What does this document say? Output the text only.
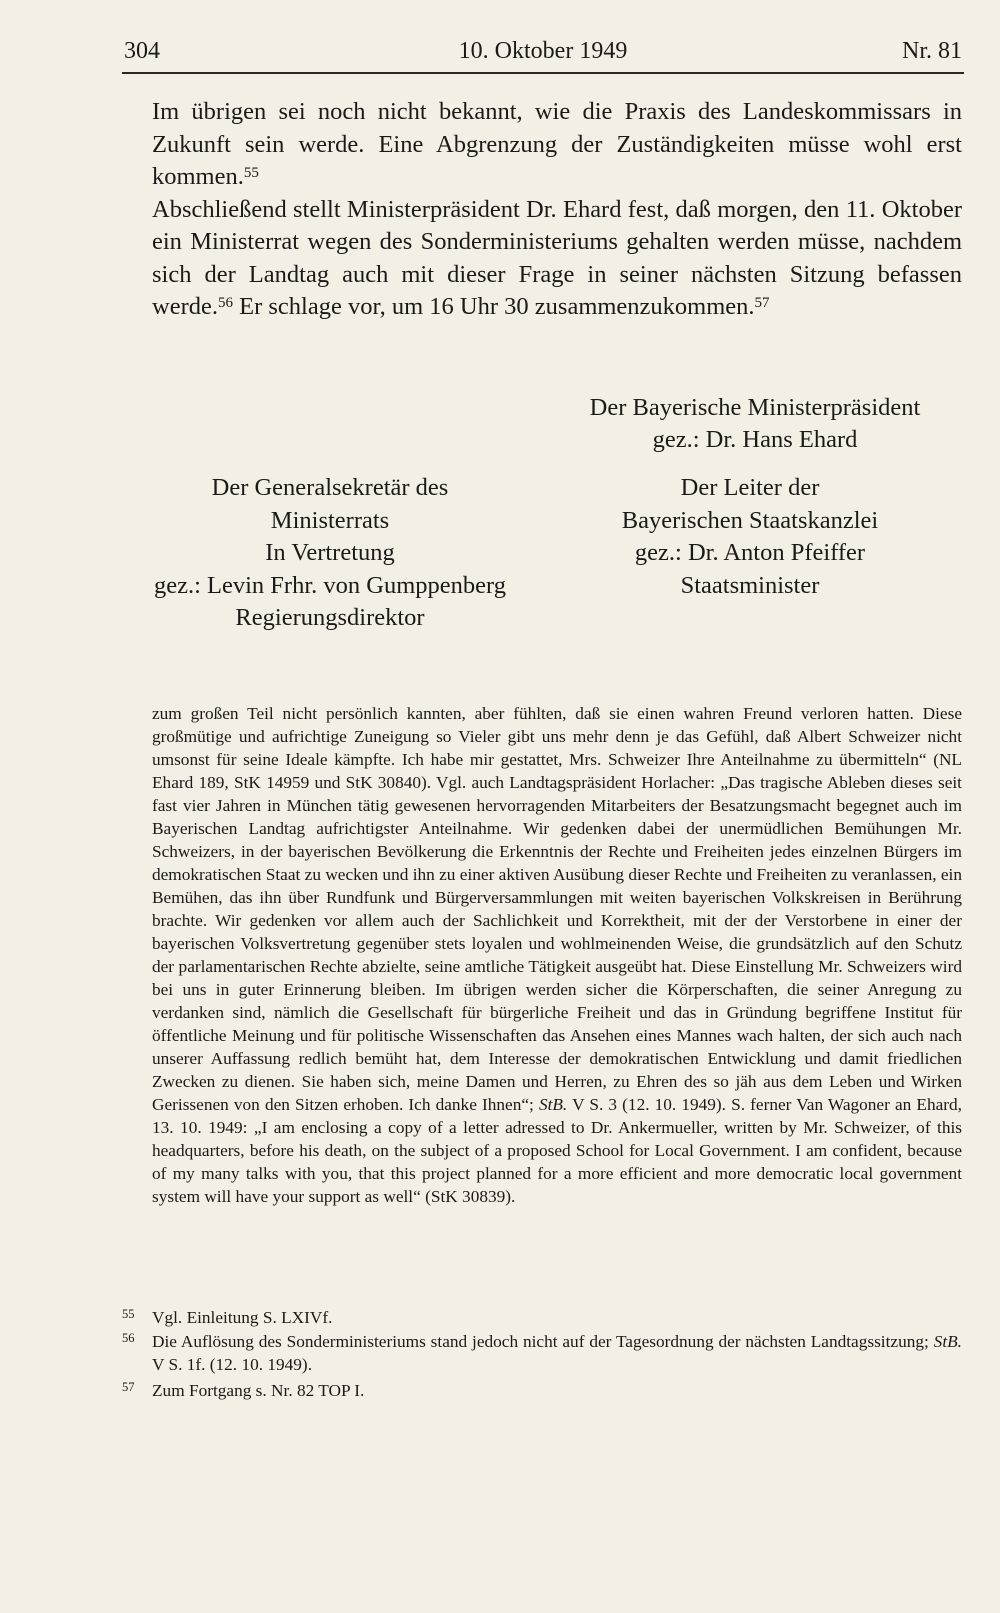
304	10. Oktober 1949	Nr. 81

Im übrigen sei noch nicht bekannt, wie die Praxis des Landeskommissars in Zukunft sein werde. Eine Abgrenzung der Zuständigkeiten müsse wohl erst kommen.$^{55}$

Abschließend stellt Ministerpräsident Dr. Ehard fest, daß morgen, den 11. Oktober ein Ministerrat wegen des Sonderministeriums gehalten werden müsse, nachdem sich der Landtag auch mit dieser Frage in seiner nächsten Sitzung befassen werde.$^{56}$ Er schlage vor, um 16 Uhr 30 zusammenzukommen.$^{57}$

Der Bayerische Ministerpräsident
gez.: Dr. Hans Ehard
Der Generalsekretär des
Ministerrats
In Vertretung
gez.: Levin Frhr. von Gumppenberg
Regierungsdirektor
Der Leiter der
Bayerischen Staatskanzlei
gez.: Dr. Anton Pfeiffer
Staatsminister

zum großen Teil nicht persönlich kannten, aber fühlten, daß sie einen wahren Freund verloren hatten. Diese großmütige und aufrichtige Zuneigung so Vieler gibt uns mehr denn je das Gefühl, daß Albert Schweizer nicht umsonst für seine Ideale kämpfte. Ich habe mir gestattet, Mrs. Schweizer Ihre Anteilnahme zu übermitteln“ (NL Ehard 189, StK 14959 und StK 30840). Vgl. auch Landtagspräsident Horlacher: „Das tragische Ableben dieses seit fast vier Jahren in München tätig gewesenen hervorragenden Mitarbeiters der Besatzungsmacht begegnet auch im Bayerischen Landtag aufrichtigster Anteilnahme. Wir gedenken dabei der unermüdlichen Bemühungen Mr. Schweizers, in der bayerischen Bevölkerung die Erkenntnis der Rechte und Freiheiten jedes einzelnen Bürgers im demokratischen Staat zu wecken und ihn zu einer aktiven Ausübung dieser Rechte und Freiheiten zu veranlassen, ein Bemühen, das ihn über Rundfunk und Bürgerversammlungen mit weiten bayerischen Volkskreisen in Berührung brachte. Wir gedenken vor allem auch der Sachlichkeit und Korrektheit, mit der der Verstorbene in einer der bayerischen Volksvertretung gegenüber stets loyalen und wohlmeinenden Weise, die grundsätzlich auf den Schutz der parlamentarischen Rechte abzielte, seine amtliche Tätigkeit ausgeübt hat. Diese Einstellung Mr. Schweizers wird bei uns in guter Erinnerung bleiben. Im übrigen werden sicher die Körperschaften, die seiner Anregung zu verdanken sind, nämlich die Gesellschaft für bürgerliche Freiheit und das in Gründung begriffene Institut für öffentliche Meinung und für politische Wissenschaften das Ansehen eines Mannes wach halten, der sich auch nach unserer Auffassung redlich bemüht hat, dem Interesse der demokratischen Entwicklung und damit friedlichen Zwecken zu dienen. Sie haben sich, meine Damen und Herren, zu Ehren des so jäh aus dem Leben und Wirken Gerissenen von den Sitzen erhoben. Ich danke Ihnen“; StB. V S. 3 (12. 10. 1949). S. ferner Van Wagoner an Ehard, 13. 10. 1949: „I am enclosing a copy of a letter adressed to Dr. Ankermueller, written by Mr. Schweizer, of this headquarters, before his death, on the subject of a proposed School for Local Government. I am confident, because of my many talks with you, that this project planned for a more efficient and more democratic local government system will have your support as well“ (StK 30839).

55 Vgl. Einleitung S. LXIVf.
56 Die Auflösung des Sonderministeriums stand jedoch nicht auf der Tagesordnung der nächsten Landtagssitzung; StB. V S. 1f. (12. 10. 1949).
57 Zum Fortgang s. Nr. 82 TOP I.
